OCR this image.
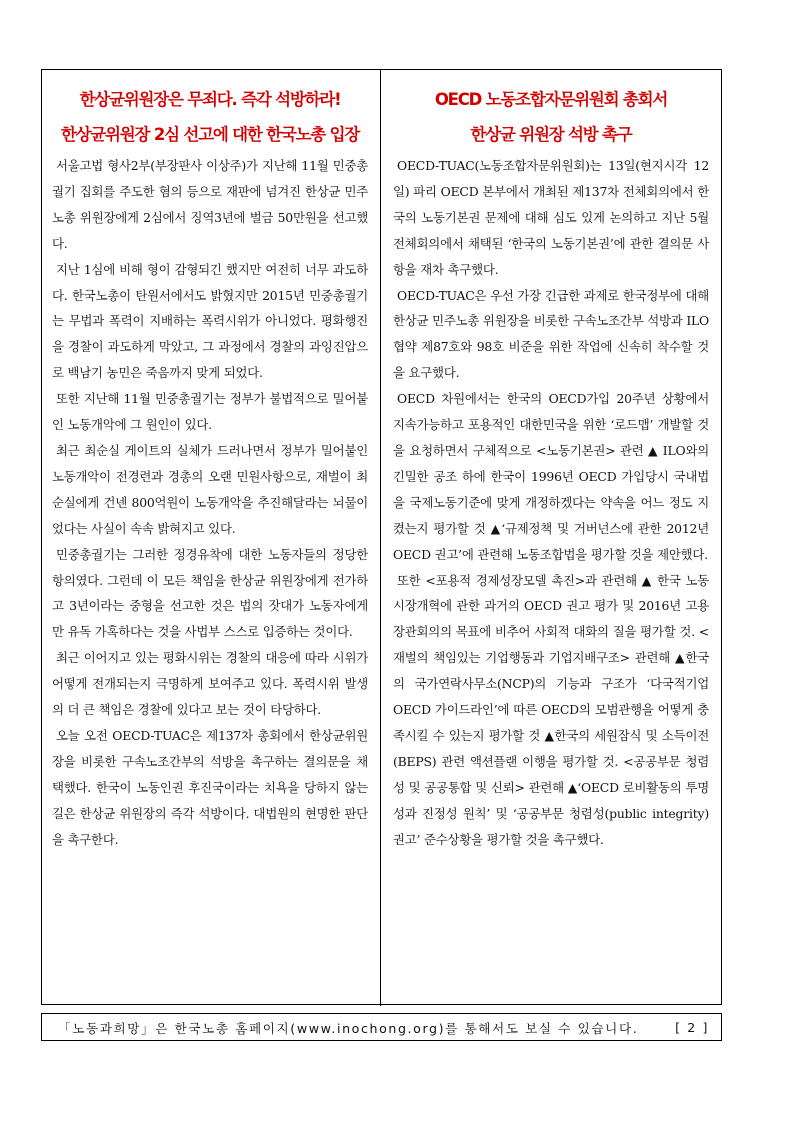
한상균위원장은 무죄다. 즉각 석방하라!
한상균위원장 2심 선고에 대한 한국노총 입장

서울고법 형사2부(부장판사 이상주)가 지난해 11월 민중총궐기 집회를 주도한 혐의 등으로 재판에 넘겨진 한상균 민주노총 위원장에게 2심에서 징역3년에 벌금 50만원을 선고했다.

지난 1심에 비해 형이 감형되긴 했지만 여전히 너무 과도하다. 한국노총이 탄원서에서도 밝혔지만 2015년 민중총궐기는 무법과 폭력이 지배하는 폭력시위가 아니었다. 평화행진을 경찰이 과도하게 막았고, 그 과정에서 경찰의 과잉진압으로 백남기 농민은 죽음까지 맞게 되었다.

또한 지난해 11월 민중총궐기는 정부가 불법적으로 밀어붙인 노동개악에 그 원인이 있다.

최근 최순실 게이트의 실체가 드러나면서 정부가 밀어붙인 노동개악이 전경련과 경총의 오랜 민원사항으로, 재벌이 최순실에게 건넨 800억원이 노동개악을 추진해달라는 뇌물이었다는 사실이 속속 밝혀지고 있다.

민중총궐기는 그러한 정경유착에 대한 노동자들의 정당한 항의였다. 그런데 이 모든 책임을 한상균 위원장에게 전가하고 3년이라는 중형을 선고한 것은 법의 잣대가 노동자에게만 유독 가혹하다는 것을 사법부 스스로 입증하는 것이다.

최근 이어지고 있는 평화시위는 경찰의 대응에 따라 시위가 어떻게 전개되는지 극명하게 보여주고 있다. 폭력시위 발생의 더 큰 책임은 경찰에 있다고 보는 것이 타당하다.

오늘 오전 OECD-TUAC은 제137차 총회에서 한상균위원장을 비롯한 구속노조간부의 석방을 촉구하는 결의문을 채택했다. 한국이 노동인권 후진국이라는 치욕을 당하지 않는 길은 한상균 위원장의 즉각 석방이다. 대법원의 현명한 판단을 촉구한다.

OECD 노동조합자문위원회 총회서
한상균 위원장 석방 촉구

OECD-TUAC(노동조합자문위원회)는 13일(현지시각 12일) 파리 OECD 본부에서 개최된 제137차 전체회의에서 한국의 노동기본권 문제에 대해 심도 있게 논의하고 지난 5월 전체회의에서 채택된 ‘한국의 노동기본권’에 관한 결의문 사항을 재차 촉구했다.

OECD-TUAC은 우선 가장 긴급한 과제로 한국정부에 대해 한상균 민주노총 위원장을 비롯한 구속노조간부 석방과 ILO협약 제87호와 98호 비준을 위한 작업에 신속히 착수할 것을 요구했다.

OECD 차원에서는 한국의 OECD가입 20주년 상황에서 지속가능하고 포용적인 대한민국을 위한 ‘로드맵’ 개발할 것을 요청하면서 구체적으로 <노동기본권> 관련 ▲ ILO와의 긴밀한 공조 하에 한국이 1996년 OECD 가입당시 국내법을 국제노동기준에 맞게 개정하겠다는 약속을 어느 정도 지켰는지 평가할 것 ▲‘규제정책 및 거버넌스에 관한 2012년 OECD 권고’에 관련해 노동조합법을 평가할 것을 제안했다.

또한 <포용적 경제성장모델 촉진>과 관련해 ▲ 한국 노동시장개혁에 관한 과거의 OECD 권고 평가 및 2016년 고용장관회의의 목표에 비추어 사회적 대화의 질을 평가할 것. <재벌의 책임있는 기업행동과 기업지배구조> 관련해 ▲한국의 국가연락사무소(NCP)의 기능과 구조가 ‘다국적기업 OECD 가이드라인’에 따른 OECD의 모범관행을 어떻게 충족시킬 수 있는지 평가할 것 ▲한국의 세원잠식 및 소득이전(BEPS) 관련 액션플랜 이행을 평가할 것. <공공부문 청렴성 및 공공통합 및 신뢰> 관련해 ▲‘OECD 로비활동의 투명성과 진정성 원칙’ 및 ‘공공부문 청렴성(public integrity) 권고’ 준수상황을 평가할 것을 촉구했다.

「노동과희망」은 한국노총 홈페이지(www.inochong.org)를 통해서도 보실 수 있습니다.	[ 2 ]
